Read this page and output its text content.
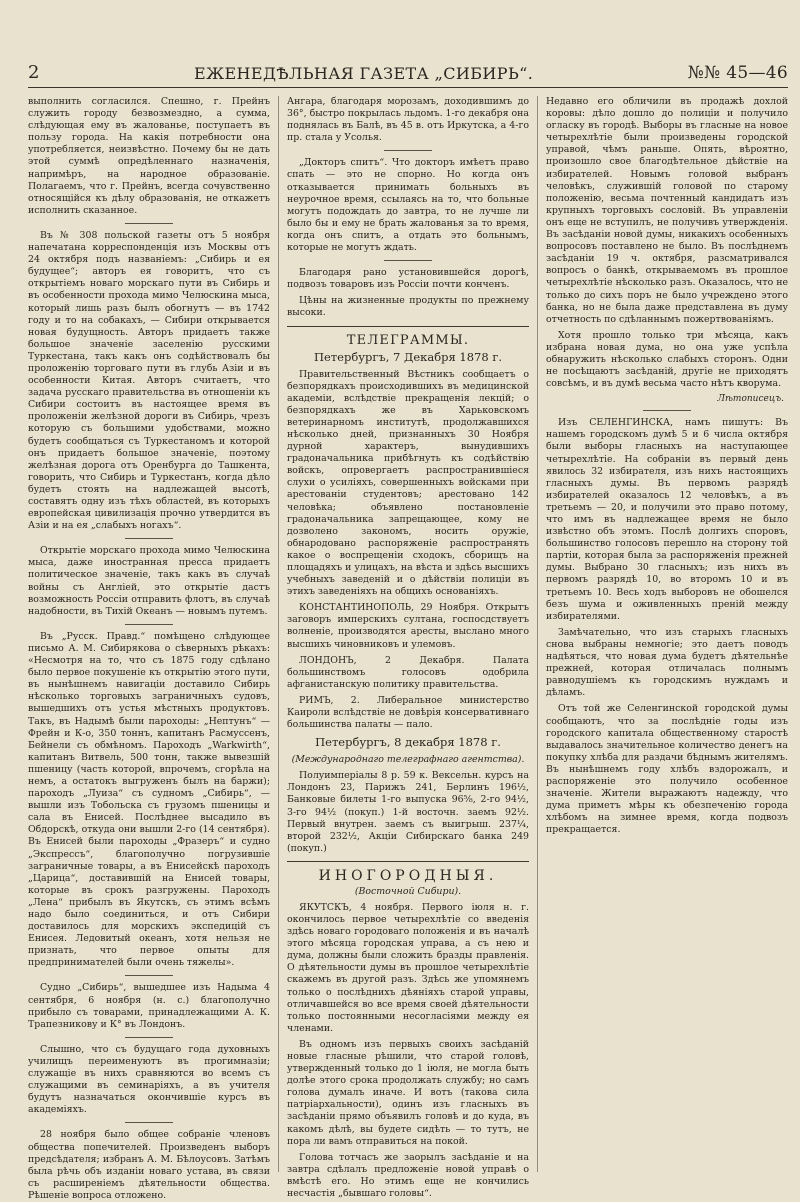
2	ЕЖЕНЕДѢЛЬНАЯ ГАЗЕТА „СИБИРЬ“.	№№ 45—46

выполнить согласился. Спешно, г. Прейнъ служить городу безвозмездно, а сумма, слѣдующая ему въ жалованье, поступаетъ въ пользу города. На какія потребности она употребляется, неизвѣстно. Почему бы не дать этой суммѣ опредѣленнаго назначенія, напримѣръ, на народное образованіе. Полагаемъ, что г. Прейнъ, всегда сочувственно относящійся къ дѣлу образованія, не откажетъ исполнить сказанное.

Въ № 308 польской газеты отъ 5 ноября напечатана корреспонденція изъ Москвы отъ 24 октября подъ названіемъ: „Сибирь и ея будущее“; авторъ ея говоритъ, что съ открытіемъ новаго морскаго пути въ Сибирь и въ особенности прохода мимо Челюскина мыса, который лишь разъ былъ обогнутъ — въ 1742 году и то на собакахъ, — Сибири открывается новая будущность. Авторъ придаетъ также большое значеніе заселенію русскими Туркестана, такъ какъ онъ содѣйствовалъ бы проложенію торговаго пути въ глубь Азіи и въ особенности Китая. Авторъ считаетъ, что задача русскаго правительства въ отношеніи къ Сибири состоитъ въ настоящее время въ проложеніи желѣзной дороги въ Сибирь, чрезъ которую съ большими удобствами, можно будетъ сообщаться съ Туркестаномъ и которой онъ придаетъ большое значеніе, поэтому желѣзная дорога отъ Оренбурга до Ташкента, говорить, что Сибирь и Туркестанъ, когда дѣло будетъ стоять на надлежащей высотѣ, составятъ одну изъ тѣхъ областей, въ которыхъ европейская цивилизація прочно утвердится въ Азіи и на ея „слабыхъ ногахъ“.

Открытіе морскаго прохода мимо Челюскина мыса, даже иностранная пресса придаетъ политическое значеніе, такъ какъ въ случаѣ войны съ Англіей, это открытіе дастъ возможность Россіи отправить флотъ, въ случаѣ надобности, въ Тихій Океанъ — новымъ путемъ.

Въ „Русск. Правд.“ помѣщено слѣдующее письмо А. М. Сибирякова о сѣверныхъ рѣкахъ: «Несмотря на то, что съ 1875 году сдѣлано было первое покушеніе къ открытію этого пути, въ нынѣшнемъ навигаціи доставило Сибирь нѣсколько торговыхъ заграничныхъ судовъ, вышедшихъ отъ устья мѣстныхъ продуктовъ. Такъ, въ Надымѣ были пароходы: „Нептунъ“ — Фрейн и К-о, 350 тоннъ, капитанъ Расмуссенъ, Бейнели съ обмѣномъ. Пароходъ „Warkwirth“, капитанъ Витвель, 500 тонн, также вывезшій пшеницу (часть которой, впрочемъ, сгорѣла на немъ, а остатокъ выгруженъ былъ на баржи); пароходъ „Луиза“ съ судномъ „Сибирь“, — вышли изъ Тобольска съ грузомъ пшеницы и сала въ Енисей. Послѣднее высадило въ Обдорскѣ, откуда они вышли 2-го (14 сентября). Въ Енисей были пароходы „Фразеръ“ и судно „Экспрессъ“, благополучно погрузившіе заграничные товары, а въ Енисейскѣ пароходъ „Царица“, доставившій на Енисей товары, которые въ срокъ разгружены. Пароходъ „Лена“ прибылъ въ Якутскъ, съ этимъ всѣмъ надо было соединиться, и отъ Сибири доставилось для морскихъ экспедицій съ Енисея. Ледовитый океанъ, хотя нельзя не признать, что первое опыты для предпринимателей были очень тяжелы».

Судно „Сибирь“, вышедшее изъ Надыма 4 сентября, 6 ноября (н. с.) благополучно прибыло съ товарами, принадлежащими А. К. Трапезникову и К° въ Лондонъ.

Слышно, что съ будущаго года духовныхъ училищъ переименуютъ въ прогимназіи; служащіе въ нихъ сравняются во всемъ съ служащими въ семинаріяхъ, а въ учителя будутъ назначаться окончившіе курсъ въ академіяхъ.

28 ноября было общее собраніе членовъ общества попечителей. Произведенъ выборъ предсѣдателя; избранъ А. М. Бѣлоусовъ. Затѣмъ была рѣчь объ изданіи новаго устава, въ связи съ расширеніемъ дѣятельности общества. Рѣшеніе вопроса отложено.

Ангара, благодаря морозамъ, доходившимъ до 36°, быстро покрылась льдомъ. 1-го декабря она поднялась въ Балѣ, въ 45 в. отъ Иркутска, а 4-го пр. стала у Усолья.

„Докторъ спитъ“. Что докторъ имѣетъ право спать — это не спорно. Но когда онъ отказывается принимать больныхъ въ неурочное время, ссылаясь на то, что больные могутъ подождать до завтра, то не лучше ли было бы и ему не брать жалованья за то время, когда онъ спитъ, а отдать это больнымъ, которые не могутъ ждать.

Благодаря рано установившейся дорогѣ, подвозъ товаровъ изъ Россіи почти конченъ.

Цѣны на жизненные продукты по прежнему высоки.

ТЕЛЕГРАММЫ.
Петербургъ, 7 Декабря 1878 г.

Правительственный Вѣстникъ сообщаетъ о безпорядкахъ происходившихъ въ медицинской академіи, вслѣдствіе прекращенія лекцій; о безпорядкахъ же въ Харьковскомъ ветеринарномъ институтѣ, продолжавшихся нѣсколько дней, признанныхъ 30 Ноября дурной характеръ, вынудившихъ градоначальника прибѣгнуть къ содѣйствію войскъ, опровергаетъ распространившіеся слухи о усиліяхъ, совершенныхъ войсками при арестованіи студентовъ; арестовано 142 человѣка; объявлено постановленіе градоначальника запрещающее, кому не дозволено закономъ, носить оружіе, обнародовано распоряженіе распространять какое о воспрещеніи сходокъ, сборищъ на площадяхъ и улицахъ, на вѣста и здѣсь высшихъ учебныхъ заведеній и о дѣйствіи полиціи въ этихъ заведеніяхъ на общихъ основаніяхъ.

КОНСТАНТИНОПОЛЬ, 29 Ноября. Открытъ заговоръ имперскихъ султана, госпосдствуетъ волненіе, производятся аресты, выслано много высшихъ чиновниковъ и улемовъ.

ЛОНДОНЪ, 2 Декабря. Палата большинствомъ голосовъ одобрила афганистанскую политику правительства.

РИМЪ, 2. Либеральное министерство Каироли вслѣдствіе не довѣрія консервативнаго большинства палаты — пало.

Петербургъ, 8 декабря 1878 г.
(Международнаго телеграфнаго агентства).

Полуимперіалы 8 р. 59 к. Вексельн. курсъ на Лондонъ 23, Парижъ 241, Берлинъ 196½, Банковые билеты 1-го выпуска 96⅝, 2-го 94½, 3-го 94½ (покуп.) 1-й восточн. заемъ 92½. Первый внутрен. заемъ съ выигрыш. 237¼, второй 232½, Акціи Сибирскаго банка 249 (покуп.)

ИНОГОРОДНЫЯ.
(Восточной Сибири).

ЯКУТСКЪ, 4 ноября. Первого іюля н. г. окончилось первое четырехлѣтіе со введенія здѣсь новаго городоваго положенія и въ началѣ этого мѣсяца городская управа, а съ нею и дума, должны были сложить бразды правленія. О дѣятельности думы въ прошлое четырехлѣтіе скажемъ въ другой разъ. Здѣсь же упомянемъ только о послѣднихъ дѣяніяхъ старой управы, отличавшейся во все время своей дѣятельности только постоянными несогласіями между ея членами.

Въ одномъ изъ первыхъ своихъ засѣданій новые гласные рѣшили, что старой головѣ, утвержденный только до 1 іюля, не могла быть долѣе этого срока продолжать службу; но самъ голова думалъ иначе. И вотъ (такова сила патріархальности), одинъ изъ гласныхъ въ засѣданіи прямо объявилъ головѣ и до куда, въ какомъ дѣлѣ, вы будете сидѣть — то тутъ, не пора ли вамъ отправиться на покой.

Голова тотчасъ же заорылъ засѣданіе и на завтра сдѣлалъ предложеніе новой управѣ о вмѣстѣ его. Но этимъ еще не кончились несчастія „бывшаго головы“.

Недавно его обличили въ продажѣ дохлой коровы: дѣло дошло до полиціи и получило огласку въ городѣ. Выборы въ гласные на новое четырехлѣтіе были произведены городской управой, чѣмъ раньше. Опять, вѣроятно, произошло свое благодѣтельное дѣйствіе на избирателей. Новымъ головой выбранъ человѣкъ, служившій головой по старому положенію, весьма почтенный кандидатъ изъ крупныхъ торговыхъ сословій. Въ управленіи онъ еще не вступилъ, не получивъ утвержденія. Въ засѣданіи новой думы, никакихъ особенныхъ вопросовъ поставлено не было. Въ послѣднемъ засѣданіи 19 ч. октября, разсматривался вопросъ о банкѣ, открываемомъ въ прошлое четырехлѣтіе нѣсколько разъ. Оказалось, что не только до сихъ поръ не было учреждено этого банка, но не была даже представлена въ думу отчетность по сдѣланнымъ пожертвованіямъ.

Хотя прошло только три мѣсяца, какъ избрана новая дума, но она уже успѣла обнаружить нѣсколько слабыхъ сторонъ. Одни не посѣщаютъ засѣданій, другіе не приходятъ совсѣмъ, и въ думѣ весьма часто нѣтъ кворума.

Лѣтописецъ.

Изъ СЕЛЕНГИНСКА, намъ пишутъ: Въ нашемъ городскомъ думѣ 5 и 6 числа октября были выборы гласныхъ на наступающее четырехлѣтіе. На собраніи въ первый день явилось 32 избирателя, изъ нихъ настоящихъ гласныхъ думы. Въ первомъ разрядѣ избирателей оказалось 12 человѣкъ, а въ третьемъ — 20, и получили это право потому, что имъ въ надлежащее время не было извѣстно объ этомъ. Послѣ долгихъ споровъ, большинство голосовъ перешло на сторону той партіи, которая была за распоряженія прежней думы. Выбрано 30 гласныхъ; изъ нихъ въ первомъ разрядѣ 10, во второмъ 10 и въ третьемъ 10. Весь ходъ выборовъ не обошелся безъ шума и оживленныхъ преній между избирателями.

Замѣчательно, что изъ старыхъ гласныхъ снова выбраны немногіе; это даетъ поводъ надѣяться, что новая дума будетъ дѣятельнѣе прежней, которая отличалась полнымъ равнодушіемъ къ городскимъ нуждамъ и дѣламъ.

Отъ той же Селенгинской городской думы сообщаютъ, что за послѣдніе годы изъ городского капитала общественному старостѣ выдавалось значительное количество денегъ на покупку хлѣба для раздачи бѣднымъ жителямъ. Въ нынѣшнемъ году хлѣбъ вздорожалъ, и распоряженіе это получило особенное значеніе. Жители выражаютъ надежду, что дума приметъ мѣры къ обезпеченію города хлѣбомъ на зимнее время, когда подвозъ прекращается.
